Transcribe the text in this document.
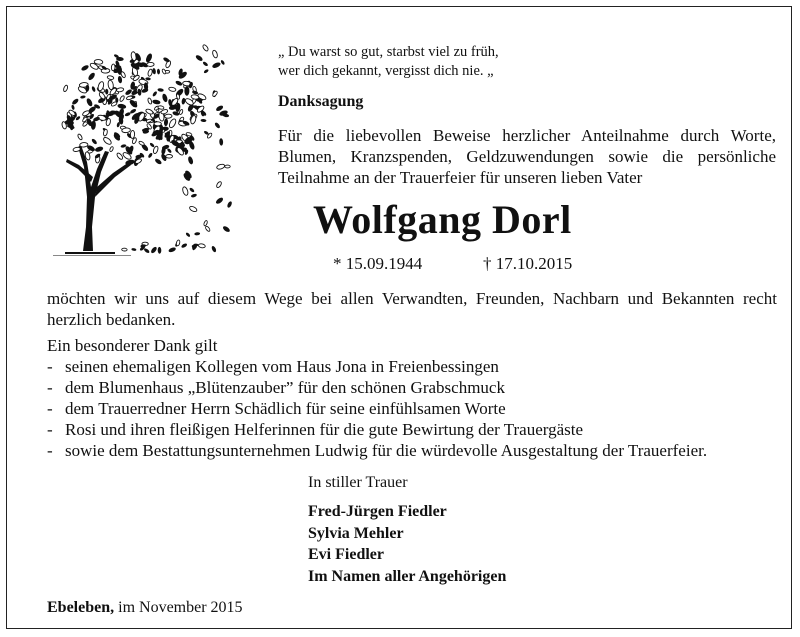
„ Du warst so gut, starbst viel zu früh,
wer dich gekannt, vergisst dich nie. „
Danksagung
Für die liebevollen Beweise herzlicher Anteilnahme durch Worte,
Blumen, Kranzspenden, Geldzuwendungen sowie die persönliche
Teilnahme an der Trauerfeier für unseren lieben Vater
Wolfgang Dorl
* 15.09.1944	† 17.10.2015
möchten wir uns auf diesem Wege bei allen Verwandten, Freunden, Nachbarn und Bekannten recht
herzlich bedanken.
Ein besonderer Dank gilt
- seinen ehemaligen Kollegen vom Haus Jona in Freienbessingen
- dem Blumenhaus „Blütenzauber” für den schönen Grabschmuck
- dem Trauerredner Herrn Schädlich für seine einfühlsamen Worte
- Rosi und ihren fleißigen Helferinnen für die gute Bewirtung der Trauergäste
- sowie dem Bestattungsunternehmen Ludwig für die würdevolle Ausgestaltung der Trauerfeier.
In stiller Trauer
Fred-Jürgen Fiedler
Sylvia Mehler
Evi Fiedler
Im Namen aller Angehörigen
Ebeleben, im November 2015
